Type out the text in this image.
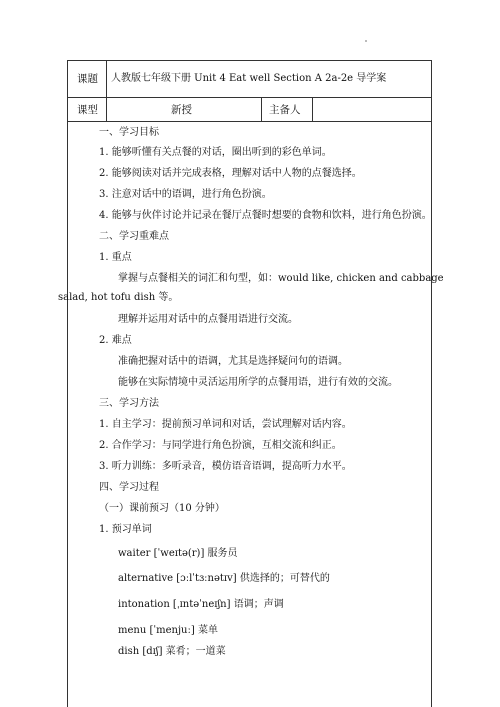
课题 人教版七年级下册 Unit 4 Eat well Section A 2a-2e 导学案
课型	新授	主备人
一、学习目标
1. 能够听懂有关点餐的对话，圈出听到的彩色单词。
2. 能够阅读对话并完成表格，理解对话中人物的点餐选择。
3. 注意对话中的语调，进行角色扮演。
4. 能够与伙伴讨论并记录在餐厅点餐时想要的食物和饮料，进行角色扮演。
二、学习重难点
1. 重点
掌握与点餐相关的词汇和句型，如：would like, chicken and cabbage
salad, hot tofu dish 等。
理解并运用对话中的点餐用语进行交流。
2. 难点
准确把握对话中的语调，尤其是选择疑问句的语调。
能够在实际情境中灵活运用所学的点餐用语，进行有效的交流。
三、学习方法
1. 自主学习：提前预习单词和对话，尝试理解对话内容。
2. 合作学习：与同学进行角色扮演，互相交流和纠正。
3. 听力训练：多听录音，模仿语音语调，提高听力水平。
四、学习过程
（一）课前预习（10 分钟）
1. 预习单词
waiter [ˈweɪtə(r)] 服务员
alternative [ɔːlˈtɜːnətɪv] 供选择的；可替代的
intonation [ˌɪntəˈneɪʃn] 语调；声调
menu [ˈmenjuː] 菜单
dish [dɪʃ] 菜肴；一道菜
